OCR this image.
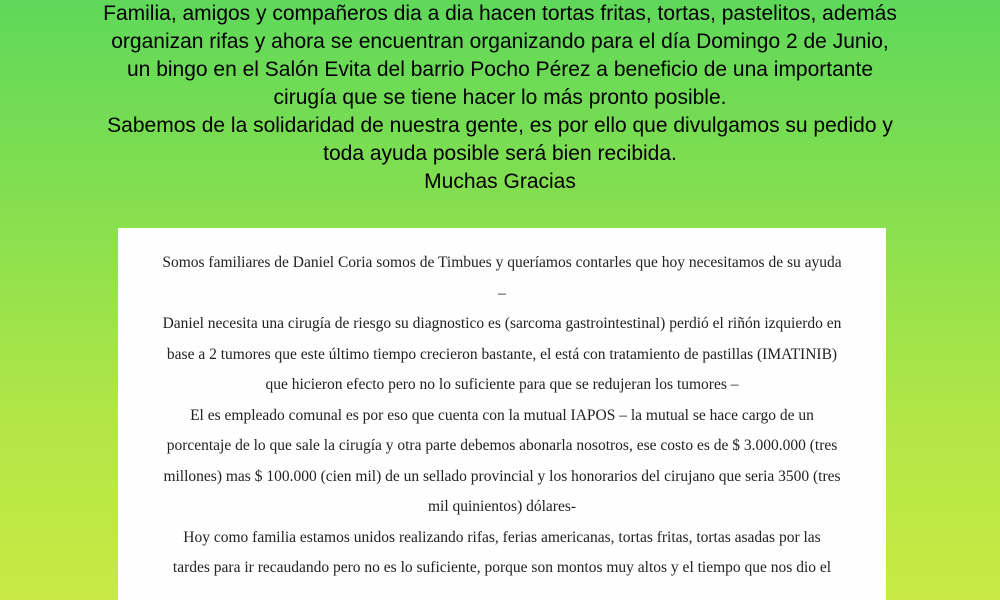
Familia, amigos y compañeros dia a dia hacen tortas fritas, tortas, pastelitos, además
organizan rifas y ahora se encuentran organizando para el día Domingo 2 de Junio,
un bingo en el Salón Evita del barrio Pocho Pérez a beneficio de una importante
cirugía que se tiene hacer lo más pronto posible.
Sabemos de la solidaridad de nuestra gente, es por ello que divulgamos su pedido y
toda ayuda posible será bien recibida.
Muchas Gracias
Somos familiares de Daniel Coria somos de Timbues y queríamos contarles que hoy necesitamos de su ayuda
–
Daniel necesita una cirugía de riesgo su diagnostico es (sarcoma gastrointestinal) perdió el riñón izquierdo en
base a 2 tumores que este último tiempo crecieron bastante, el está con tratamiento de pastillas (IMATINIB)
que hicieron efecto pero no lo suficiente para que se redujeran los tumores –
El es empleado comunal es por eso que cuenta con la mutual IAPOS – la mutual se hace cargo de un
porcentaje de lo que sale la cirugía y otra parte debemos abonarla nosotros, ese costo es de $ 3.000.000 (tres
millones) mas $ 100.000 (cien mil) de un sellado provincial y los honorarios del cirujano que seria 3500 (tres
mil quinientos) dólares-
Hoy como familia estamos unidos realizando rifas, ferias americanas, tortas fritas, tortas asadas por las
tardes para ir recaudando pero no es lo suficiente, porque son montos muy altos y el tiempo que nos dio el
